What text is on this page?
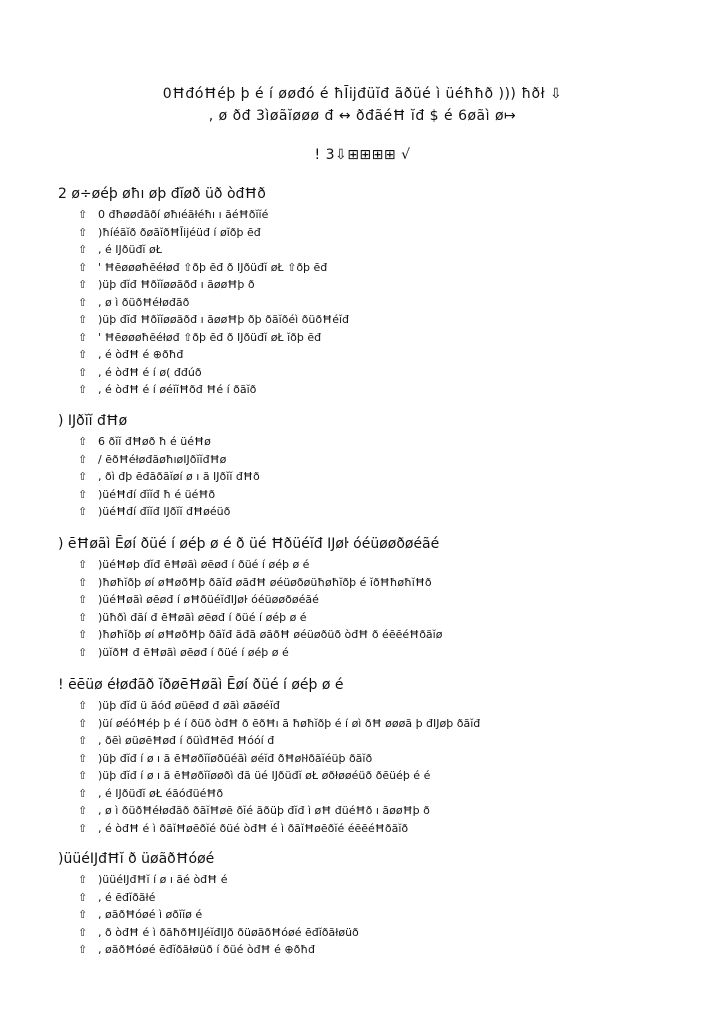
0ĦđóĦéþ þ é í øøđó é ħĪĳđüĭđ ãðüé ì üéħħð ))) ħðł ⇩
, ø ðđ 3ìøãĭøøø đ ↔ ðđãéĦ ĭđ $ é 6øãì ø↦
! 3⇩⊞⊞⊞⊞ √
2 ø÷øéþ øħı øþ đĭøð üð òđĦð
⇧ 0 đħøøđãðí øħıéãłéħı ı ãéĦðĭĭé
⇧ )ħíéãĭð ðøãĭðĦĪĳéüđ í øĭðþ ēđ
⇧ , é Ĳðüđĭ øŁ
⇧ ' Ħēøøøħēéłøđ ⇧ðþ ēđ ð Ĳðüđĭ øŁ ⇧ðþ ēđ
⇧ )üþ đĭđ Ħðĭĭøøãðđ ı ãøøĦþ ð
⇧ , ø ì ðüðĦéłøđãð
⇧ )üþ đĭđ Ħðĭĭøøãðđ ı ãøøĦþ ðþ ðãĭðéì ðüðĦéĭđ
⇧ ' Ħēøøøħēéłøđ ⇧ðþ ēđ ð Ĳðüđĭ øŁ ĭðþ ēđ
⇧ , é òđĦ é ⊕ðħđ
⇧ , é òđĦ é í ø( đđúð
⇧ , é òđĦ é í øéĭĭĦðđ Ħé í ðãĭð
) Ĳðĭĭ đĦø
⇧ 6 ðĭĭ đĦøð ħ é üéĦø
⇧ / ēðĦéłøđãøħıøĲðĭĭđĦø
⇧ , ðì đþ ēđãðãĭøí ø ı ã Ĳðĭĭ đĦð
⇧ )üéĦđí đĭĭđ ħ é üéĦð
⇧ )üéĦđí đĭĭđ Ĳðĭĭ đĦøéüð
) ēĦøãì Ēøí ðüé í øéþ ø é ð üé Ħðüéĭđ Ĳøŀ óéüøøðøéãé
⇧ )üéĦøþ đĭđ ēĦøãì øēøđ í ðüé í øéþ ø é
⇧ )ħøħĭðþ øí øĦøðĦþ ðãĭđ øãđĦ øéüøðøüħøħĭðþ é ĭðĦħøħĭĦð
⇧ )üéĦøãì øēøđ í øĦðüéĭđĲøŀ óéüøøðøéãé
⇧ )üħðì đãí đ ēĦøãì øēøđ í ðüé í øéþ ø é
⇧ )ħøħĭðþ øí øĦøðĦþ ðãĭđ ãđã øãðĦ øéüøðüð òđĦ ð éēēéĦðãĭø
⇧ )üĭðĦ đ ēĦøãì øēøđ í ðüé í øéþ ø é
! ēēüø éłøđãð ĭðøēĦøãì Ēøí ðüé í øéþ ø é
⇧ )üþ đĭđ ü ãóđ øüēøđ đ øãì øãøéĭđ
⇧ )üí øéóĦéþ þ é í ðüð òđĦ ð ēðĦı ã ħøħĭðþ é í øì ðĦ øøøã þ đĲøþ ðãĭđ
⇧ , ðēì øüøēĦøđ í ðüìđĦēđ Ħóóí đ
⇧ )üþ đĭđ í ø ı ã ēĦøðĭĭøðüéãì øéĭđ ðĦøŀłðãĭéüþ ðãĭð
⇧ )üþ đĭđ í ø ı ã ēĦøðĭĭøøðì đã üé Ĳðüđĭ øŁ øðłøøéüð ðēüéþ é é
⇧ , é Ĳðüđĭ øŁ éãóđüéĦð
⇧ , ø ì ðüðĦéłøđãð ðãĭĦøē ðĭé ãðüþ đĭđ ì øĦ đüéĦð ı ãøøĦþ ð
⇧ , é òđĦ é ì ðãĭĦøēðĭé ðüé òđĦ é ì ðãĭĦøēðĭé éēēéĦðãĭð
)üüéĲđĦĭ ð üøãðĦóøé
⇧ )üüéĲđĦĭ í ø ı ãé òđĦ é
⇧ , é ēđĭðãłé
⇧ , øãðĦóøé ì øðĭĭø é
⇧ , ð òđĦ é ì ðãħðĦĲéĭđĲð ðüøãðĦóøé ēđĭðãłøüð
⇧ , øãðĦóøé ēđĭðãłøüð í ðüé òđĦ é ⊕ðħđ
